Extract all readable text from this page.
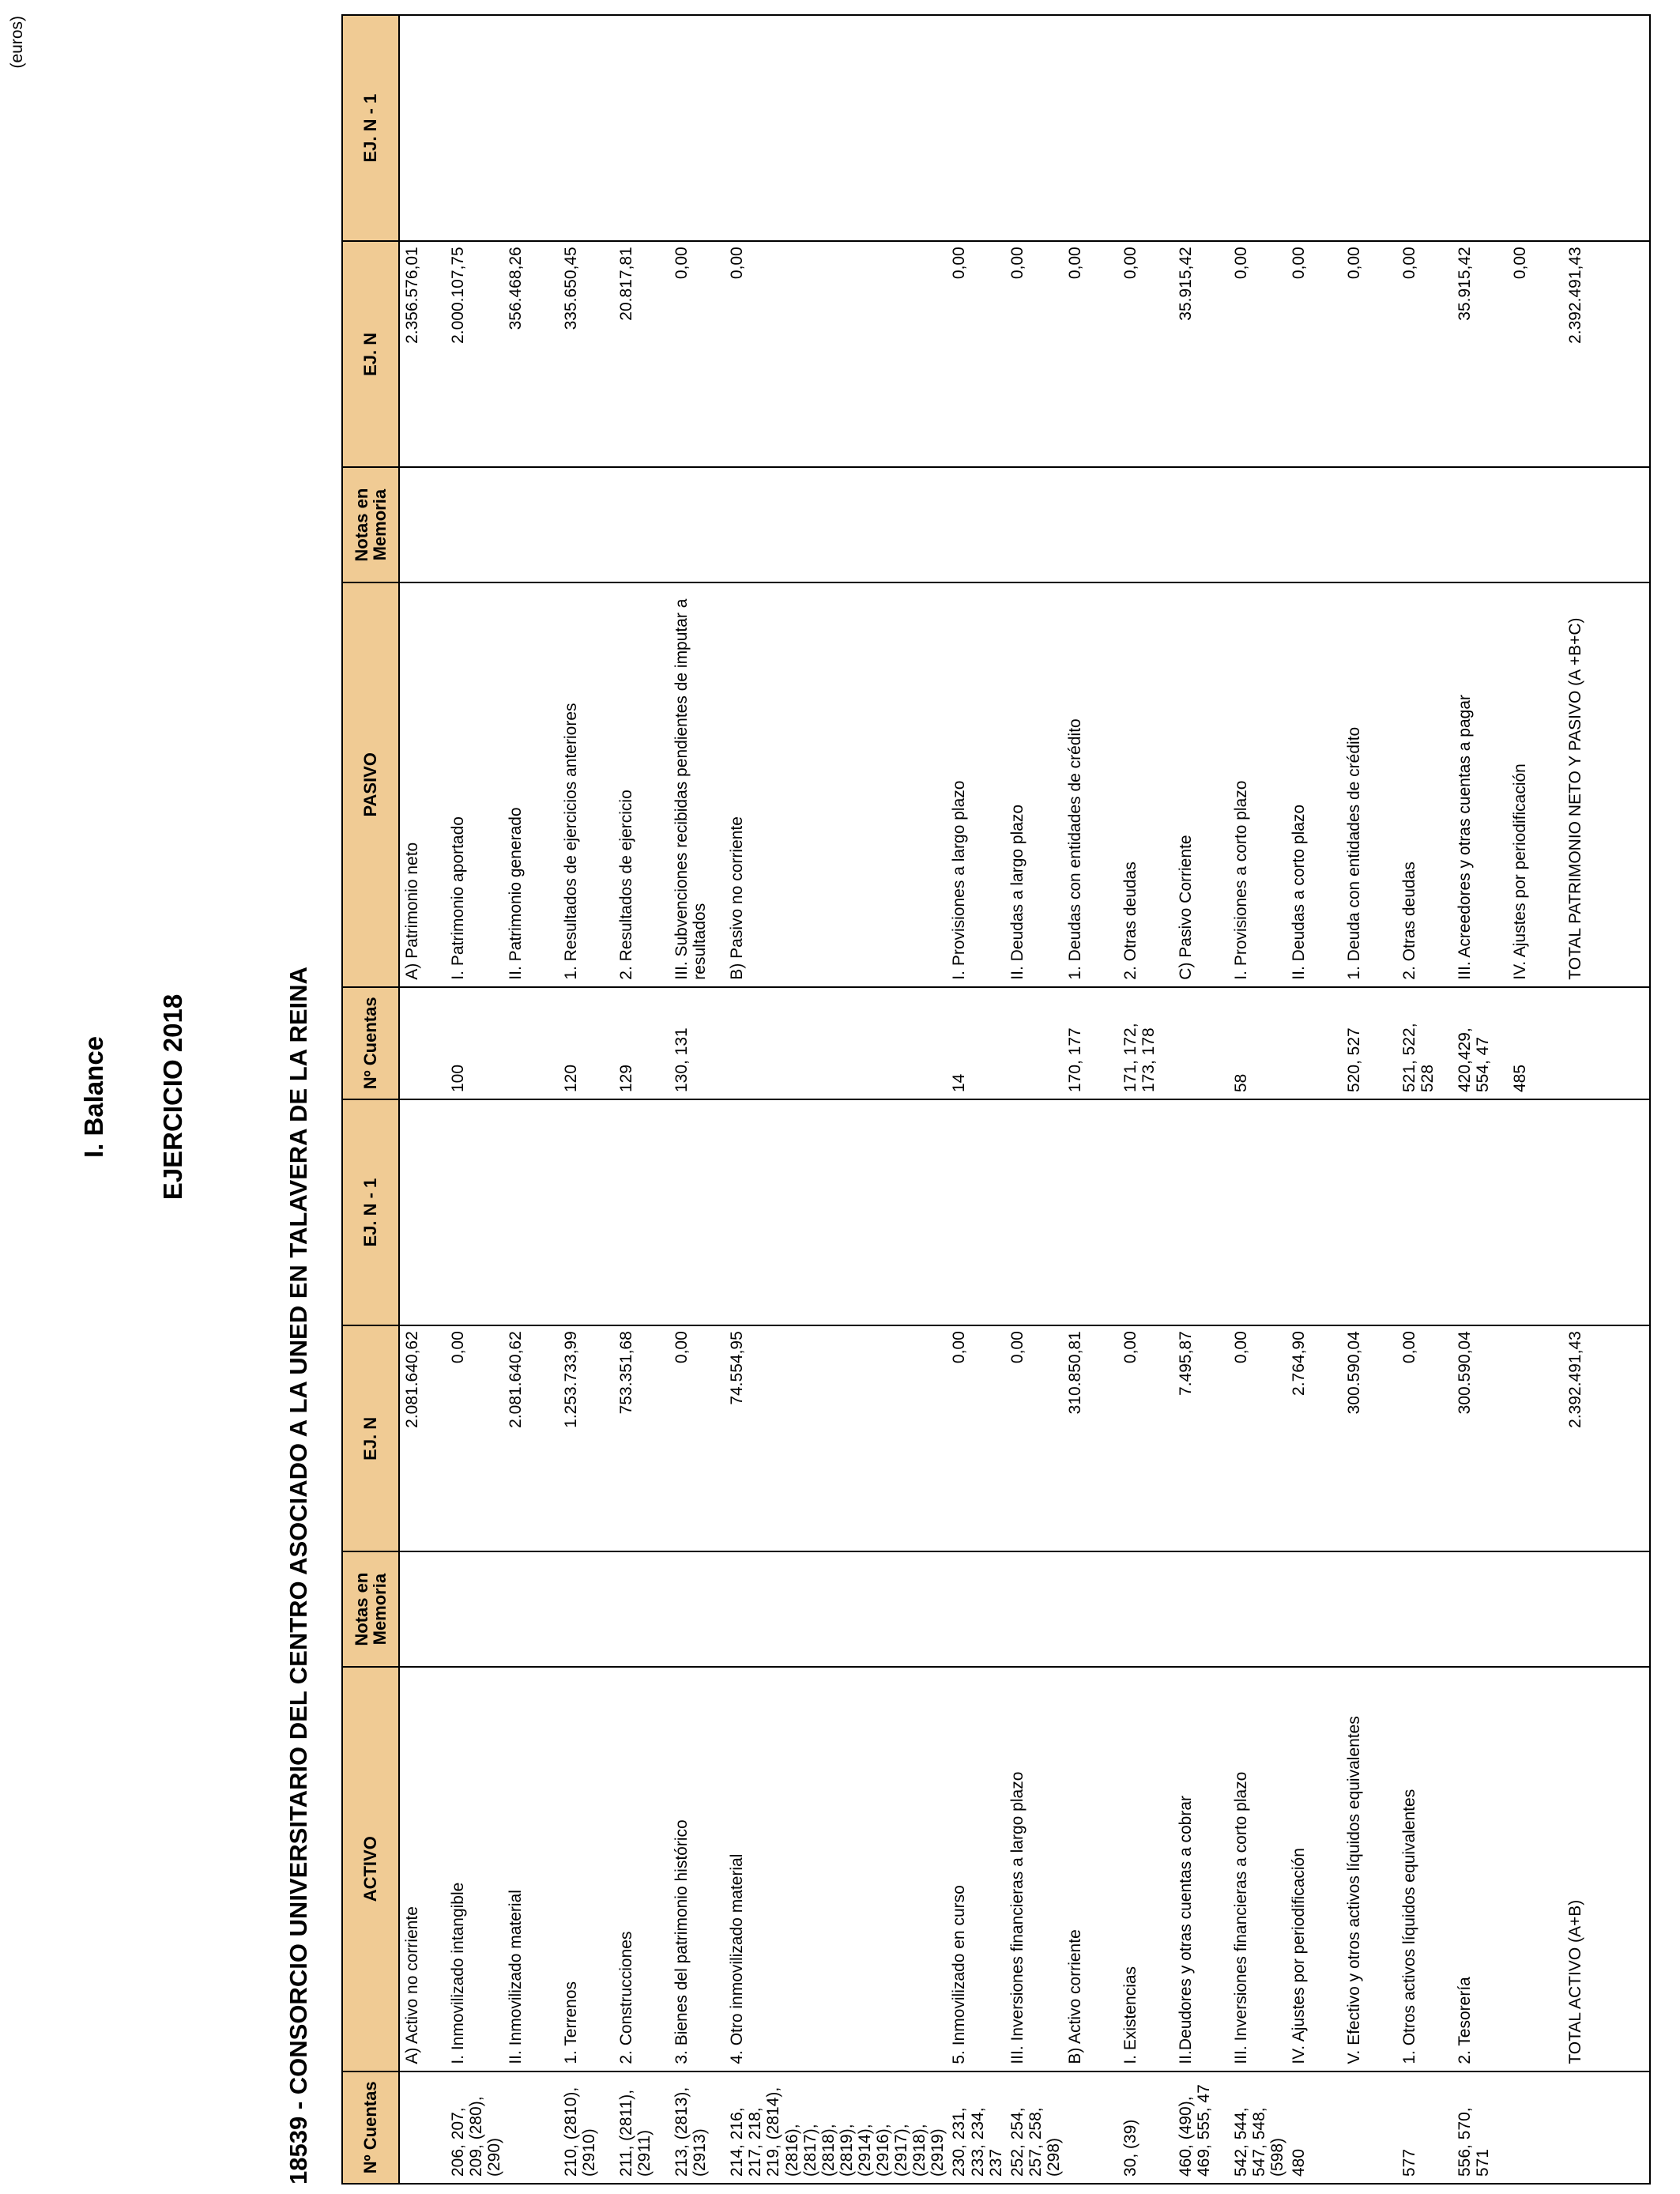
(euros)
I. Balance EJERCICIO 2018	18539 - CONSORCIO UNIVERSITARIO DEL CENTRO ASOCIADO A LA UNED EN TALAVERA DE LA REINA	Nº Cuentas	ACTIVO	Notas en Memoria	EJ. N	EJ. N - 1	Nº Cuentas	PASIVO	Notas en Memoria	EJ. N	EJ. N - 1
	A) Activo no corriente		2.081.640,62			A) Patrimonio neto		2.356.576,01	
206, 207, 209, (280), (290)	I. Inmovilizado intangible		0,00		100	I. Patrimonio aportado		2.000.107,75	
	II. Inmovilizado material		2.081.640,62			II. Patrimonio generado		356.468,26	
210, (2810), (2910)	1. Terrenos		1.253.733,99		120	1. Resultados de ejercicios anteriores		335.650,45	
211, (2811), (2911)	2. Construcciones		753.351,68		129	2. Resultados de ejercicio		20.817,81	
213, (2813), (2913)	3. Bienes del patrimonio histórico		0,00		130, 131	III. Subvenciones recibidas pendientes de imputar a resultados		0,00	
214, 216, 217, 218, 219, (2814), (2816), (2817), (2818), (2819), (2914), (2916), (2917), (2918), (2919)	4. Otro inmovilizado material		74.554,95			B) Pasivo no corriente		0,00	
230, 231, 233, 234, 237	5. Inmovilizado en curso		0,00		14	I. Provisiones a largo plazo		0,00	
252, 254, 257, 258, (298)	III. Inversiones financieras a largo plazo		0,00			II. Deudas a largo plazo		0,00	
	B) Activo corriente		310.850,81		170, 177	1. Deudas con entidades de crédito		0,00	
30, (39)	I. Existencias		0,00		171, 172, 173, 178	2. Otras deudas		0,00	
460, (490), 469, 555, 47	II.Deudores y otras cuentas a cobrar		7.495,87			C) Pasivo Corriente		35.915,42	
542, 544, 547, 548, (598)	III. Inversiones financieras a corto plazo		0,00		58	I. Provisiones a corto plazo		0,00	
480	IV. Ajustes por periodificación		2.764,90			II. Deudas a corto plazo		0,00	
	V. Efectivo y otros activos líquidos equivalentes		300.590,04		520, 527	1. Deuda con entidades de crédito		0,00	
577	1. Otros activos líquidos equivalentes		0,00		521, 522, 528	2. Otras deudas		0,00	
556, 570, 571	2. Tesorería		300.590,04		420,429, 554, 47	III. Acreedores y otras cuentas a pagar		35.915,42	
					485	IV. Ajustes por periodificación		0,00	
	TOTAL ACTIVO (A+B)		2.392.491,43			TOTAL PATRIMONIO NETO Y PASIVO (A +B+C)		2.392.491,43	
